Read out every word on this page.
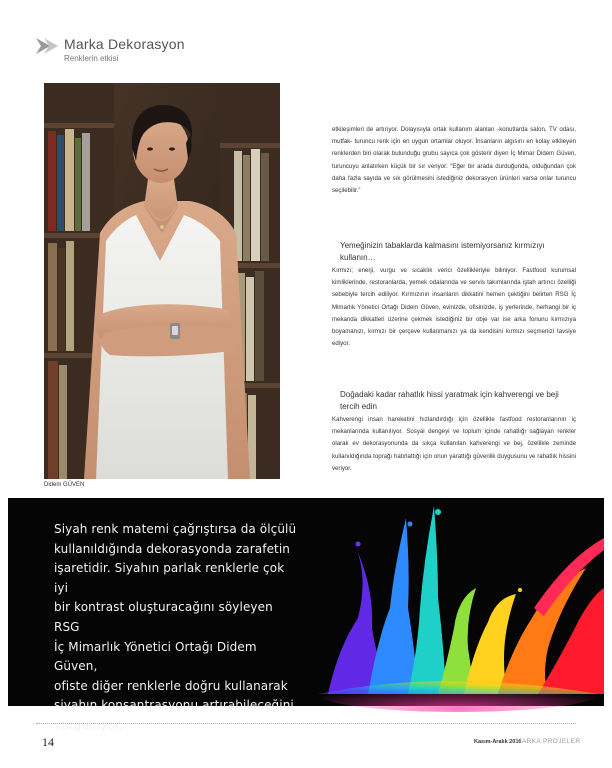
Marka Dekorasyon
Renklerin etkisi
Didem GÜVEN

etkileşimleri de artırıyor. Dolayısıyla ortak kullanım alanları -konutlarda salon, TV odası, mutfak- turuncu renk için en uygun ortamlar oluyor. İnsanların algısını en kolay etkileyen renklerden biri olarak bulunduğu grubu sayıca çok gösterir diyen İç Mimar Didem Güven, turuncuyu anlatırken küçük bir sır veriyor: “Eğer bir arada durduğunda, olduğundan çok daha fazla sayıda ve sık görülmesini istediğiniz dekorasyon ürünleri varsa onlar turuncu seçilebilir.”

Yemeğinizin tabaklarda kalmasını istemiyorsanız kırmızıyı kullanın…

Kırmızı; enerji, vurgu ve sıcaklık verici özellikleriyle biliniyor. Fastfood kurumsal kimliklerinde, restoranlarda, yemek odalarında ve servis takımlarında iştah artırıcı özelliği sebebiyle tercih ediliyor. Kırmızının insanların dikkatini hemen çektiğini belirten RSG İç Mimarlık Yönetici Ortağı Didem Güven, evinizde, ofisinizde, iş yerlerinde, herhangi bir iç mekanda dikkatleri üzerine çekmek istediğiniz bir obje var ise arka fonunu kırmızıya boyamanızı, kırmızı bir çerçeve kullanmanızı ya da kendisini kırmızı seçmenizi tavsiye ediyor.

Doğadaki kadar rahatlık hissi yaratmak için kahverengi ve beji tercih edin

Kahverengi insan hareketini hızlandırdığı için özellikle fastfood restoranlarının iç mekanlarında kullanılıyor. Sosyal dengeyi ve toplum içinde rahatlığı sağlayan renkler olarak ev dekorasyonunda da sıkça kullanılan kahverengi ve bej, özellikle zeminde kullanıldığında toprağı hatırlattığı için onun yarattığı güvenlik duygusunu ve rahatlık hissini veriyor.

Siyah renk matemi çağrıştırsa da ölçülü
kullanıldığında dekorasyonda zarafetin
işaretidir. Siyahın parlak renklerle çok iyi
bir kontrast oluşturacağını söyleyen RSG
İç Mimarlık Yönetici Ortağı Didem Güven,
ofiste diğer renklerle doğru kullanarak
siyahın konsantrasyonu artırabileceğini
vurguluyor.
14	Kasım-Aralık 2016
MARKA PROJELER
